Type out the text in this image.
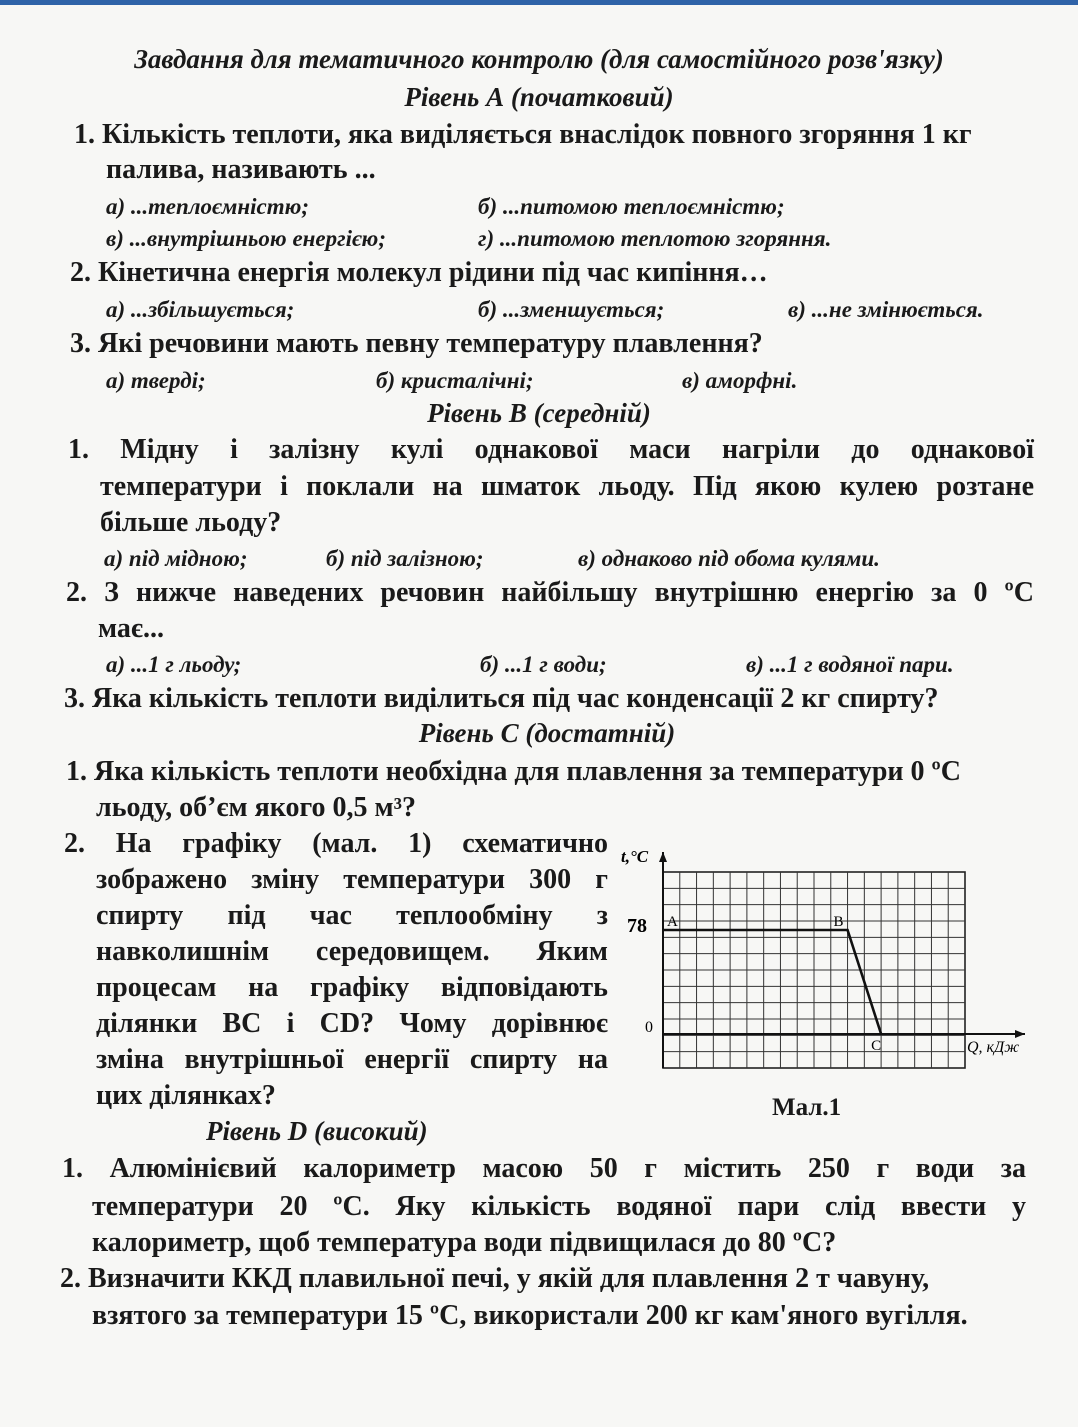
Завдання для тематичного контролю (для самостійного розв'язку)
Рівень А (початковий)
1. Кількість теплоти, яка виділяється внаслідок повного згоряння 1 кг
палива, називають ...
а) ...теплоємністю;	б) ...питомою теплоємністю;
в) ...внутрішньою енергією;	г) ...питомою теплотою згоряння.
2. Кінетична енергія молекул рідини під час кипіння…
а) ...збільшується;	б) ...зменшується;	в) ...не змінюється.
3. Які речовини мають певну температуру плавлення?
а) тверді;	б) кристалічні;	в) аморфні.
Рівень В (середній)
1. Мідну і залізну кулі однакової маси нагріли до однакової
температури і поклали на шматок льоду. Під якою кулею розтане
більше льоду?
а) під мідною;	б) під залізною;	в) однаково під обома кулями.
2. З нижче наведених речовин найбільшу внутрішню енергію за 0 ºС
має...
а) ...1 г льоду;	б) ...1 г води;	в) ...1 г водяної пари.
3. Яка кількість теплоти виділиться під час конденсації 2 кг спирту?
Рівень С (достатній)
1. Яка кількість теплоти необхідна для плавлення за температури 0 ºС
льоду, об’єм якого 0,5 м³?
2. На графіку (мал. 1) схематично
зображено зміну температури 300 г
спирту під час теплообміну з
навколишнім середовищем. Яким
процесам на графіку відповідають
ділянки ВС і CD? Чому дорівнює
зміна внутрішньої енергії спирту на
цих ділянках?
t,°C
Q, кДж
78
0
A	B
C
Мал.1
Рівень D (високий)
1. Алюмінієвий калориметр масою 50 г містить 250 г води за
температури 20 ºС. Яку кількість водяної пари слід ввести у
калориметр, щоб температура води підвищилася до 80 ºС?
2. Визначити ККД плавильної печі, у якій для плавлення 2 т чавуну,
взятого за температури 15 ºС, використали 200 кг кам'яного вугілля.
